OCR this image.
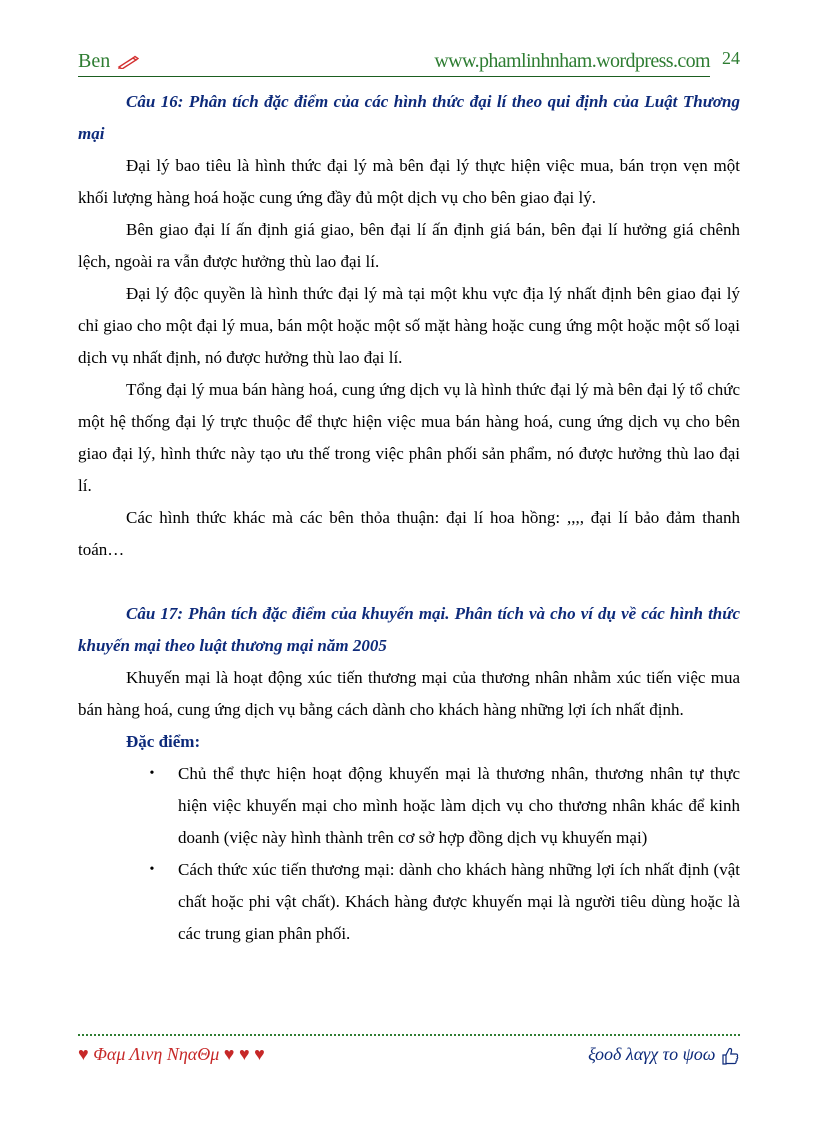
Ben	www.phamlinhnham.wordpress.com 24

Câu 16: Phân tích đặc điểm của các hình thức đại lí theo qui định của Luật Thương mại

Đại lý bao tiêu là hình thức đại lý mà bên đại lý thực hiện việc mua, bán trọn vẹn một khối lượng hàng hoá hoặc cung ứng đầy đủ một dịch vụ cho bên giao đại lý.

Bên giao đại lí ấn định giá giao, bên đại lí ấn định giá bán, bên đại lí hưởng giá chênh lệch, ngoài ra vẫn được hưởng thù lao đại lí.

Đại lý độc quyền là hình thức đại lý mà tại một khu vực địa lý nhất định bên giao đại lý chỉ giao cho một đại lý mua, bán một hoặc một số mặt hàng hoặc cung ứng một hoặc một số loại dịch vụ nhất định, nó được hưởng thù lao đại lí.

Tổng đại lý mua bán hàng hoá, cung ứng dịch vụ là hình thức đại lý mà bên đại lý tổ chức một hệ thống đại lý trực thuộc để thực hiện việc mua bán hàng hoá, cung ứng dịch vụ cho bên giao đại lý, hình thức này tạo ưu thế trong việc phân phối sản phẩm, nó được hưởng thù lao đại lí.

Các hình thức khác mà các bên thỏa thuận: đại lí hoa hồng: ,,,, đại lí bảo đảm thanh toán…

Câu 17: Phân tích đặc điểm của khuyến mại. Phân tích và cho ví dụ về các hình thức khuyến mại theo luật thương mại năm 2005

Khuyến mại là hoạt động xúc tiến thương mại của thương nhân nhằm xúc tiến việc mua bán hàng hoá, cung ứng dịch vụ bằng cách dành cho khách hàng những lợi ích nhất định.

Đặc điểm:

•	Chủ thể thực hiện hoạt động khuyến mại là thương nhân, thương nhân tự thực hiện việc khuyến mại cho mình hoặc làm dịch vụ cho thương nhân khác để kinh doanh (việc này hình thành trên cơ sở hợp đồng dịch vụ khuyến mại)
•	Cách thức xúc tiến thương mại: dành cho khách hàng những lợi ích nhất định (vật chất hoặc phi vật chất). Khách hàng được khuyến mại là người tiêu dùng hoặc là các trung gian phân phối.
♥ Φαμ Λιvη ΝηαΘμ ♥ ♥ ♥	ξοοδ λαγχ το ψοω
